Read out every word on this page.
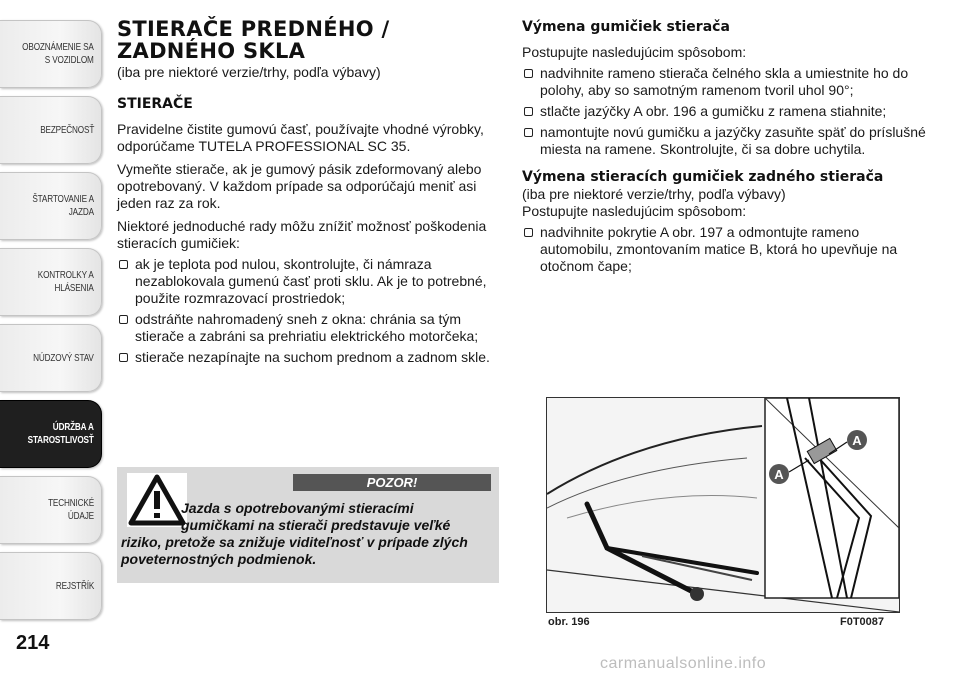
OBOZNÁMENIE SA
S VOZIDLOM
BEZPEČNOSŤ
ŠTARTOVANIE A
JAZDA
KONTROLKY A
HLÁSENIA
NÚDZOVÝ STAV
ÚDRŽBA A
STAROSTLIVOSŤ
TECHNICKÉ ÚDAJE
REJSTŘÍK
214
STIERAČE PREDNÉHO / ZADNÉHO SKLA

(iba pre niektoré verzie/trhy, podľa výbavy)

STIERAČE

Pravidelne čistite gumovú časť, používajte vhodné výrobky, odporúčame TUTELA PROFESSIONAL SC 35.

Vymeňte stierače, ak je gumový pásik zdeformovaný alebo opotrebovaný. V každom prípade sa odporúčajú meniť asi jeden raz za rok.

Niektoré jednoduché rady môžu znížiť možnosť poškodenia stieracích gumičiek:

ak je teplota pod nulou, skontrolujte, či námraza nezablokovala gumenú časť proti sklu. Ak je to potrebné, použite rozmrazovací prostriedok;
odstráňte nahromadený sneh z okna: chránia sa tým stierače a zabráni sa prehriatiu elektrického motorčeka;
stierače nezapínajte na suchom prednom a zadnom skle.
POZOR!
Jazda s opotrebovanými stieracími
gumičkami na stierači predstavuje veľké
riziko, pretože sa znižuje viditeľnosť v prípade zlých poveternostných podmienok.
Výmena gumičiek stierača

Postupujte nasledujúcim spôsobom:

nadvihnite rameno stierača čelného skla a umiestnite ho do polohy, aby so samotným ramenom tvoril uhol 90°;
stlačte jazýčky A obr. 196 a gumičku z ramena stiahnite;
namontujte novú gumičku a jazýčky zasuňte späť do príslušné miesta na ramene. Skontrolujte, či sa dobre uchytila.
Výmena stieracích gumičiek zadného stierača

(iba pre niektoré verzie/trhy, podľa výbavy)

Postupujte nasledujúcim spôsobom:

nadvihnite pokrytie A obr. 197 a odmontujte rameno automobilu, zmontovaním matice B, ktorá ho upevňuje na otočnom čape;
A
A
obr. 196	F0T0087
carmanualsonline.info
